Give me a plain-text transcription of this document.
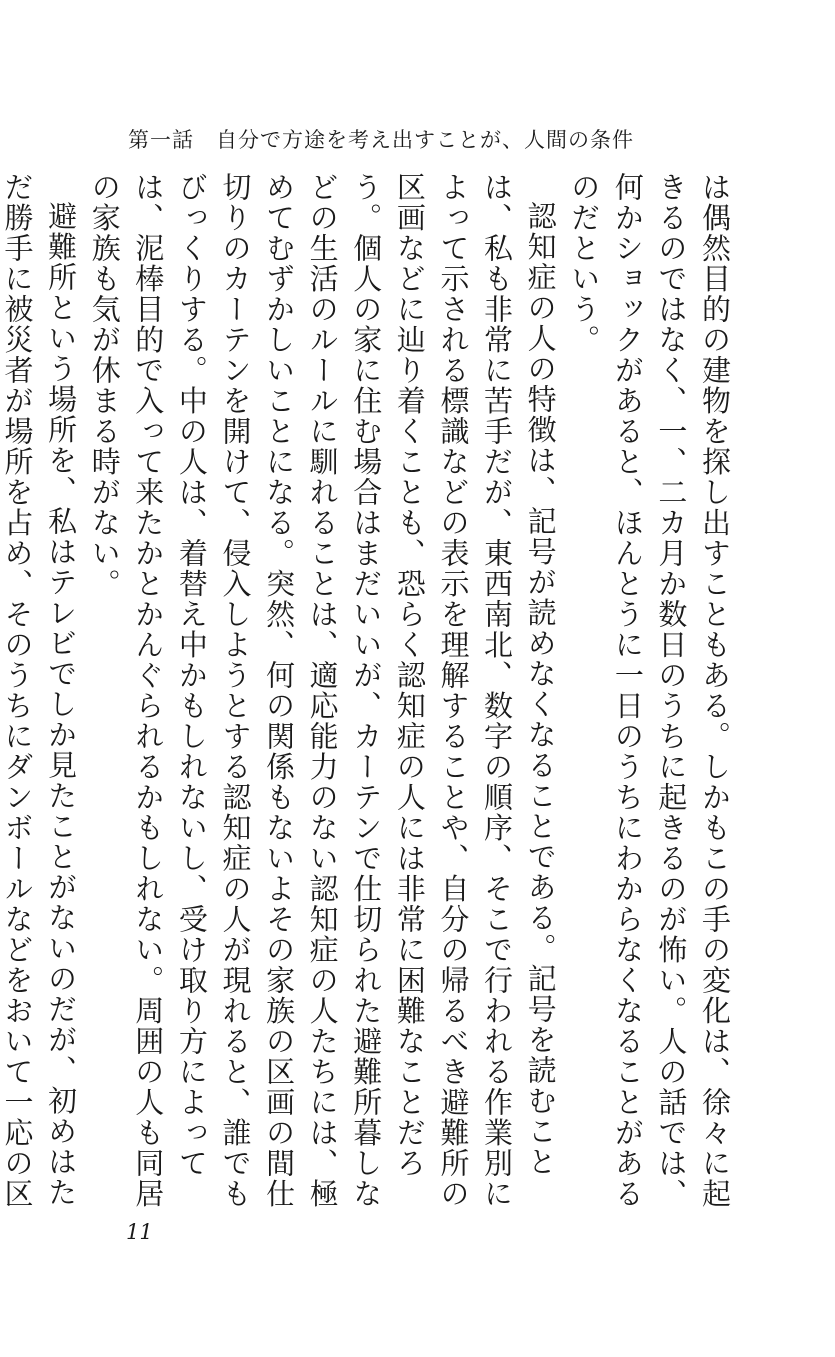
第一話　自分で方途を考え出すことが、人間の条件

は偶然目的の建物を探し出すこともある。しかもこの手の変化は、徐々に起きるのではなく、一、二カ月か数日のうちに起きるのが怖い。人の話では、何かショックがあると、ほんとうに一日のうちにわからなくなることがあるのだという。

認知症の人の特徴は、記号が読めなくなることである。記号を読むことは、私も非常に苦手だが、東西南北、数字の順序、そこで行われる作業別によって示される標識などの表示を理解することや、自分の帰るべき避難所の区画などに辿り着くことも、恐らく認知症の人には非常に困難なことだろう。個人の家に住む場合はまだいいが、カーテンで仕切られた避難所暮しなどの生活のルールに馴れることは、適応能力のない認知症の人たちには、極めてむずかしいことになる。突然、何の関係もないよその家族の区画の間仕切りのカーテンを開けて、侵入しようとする認知症の人が現れると、誰でもびっくりする。中の人は、着替え中かもしれないし、受け取り方によっては、泥棒目的で入って来たかとかんぐられるかもしれない。周囲の人も同居の家族も気が休まる時がない。

避難所という場所を、私はテレビでしか見たことがないのだが、初めはただ勝手に被災者が場所を占め、そのうちにダンボールなどをおいて一応の区

11
